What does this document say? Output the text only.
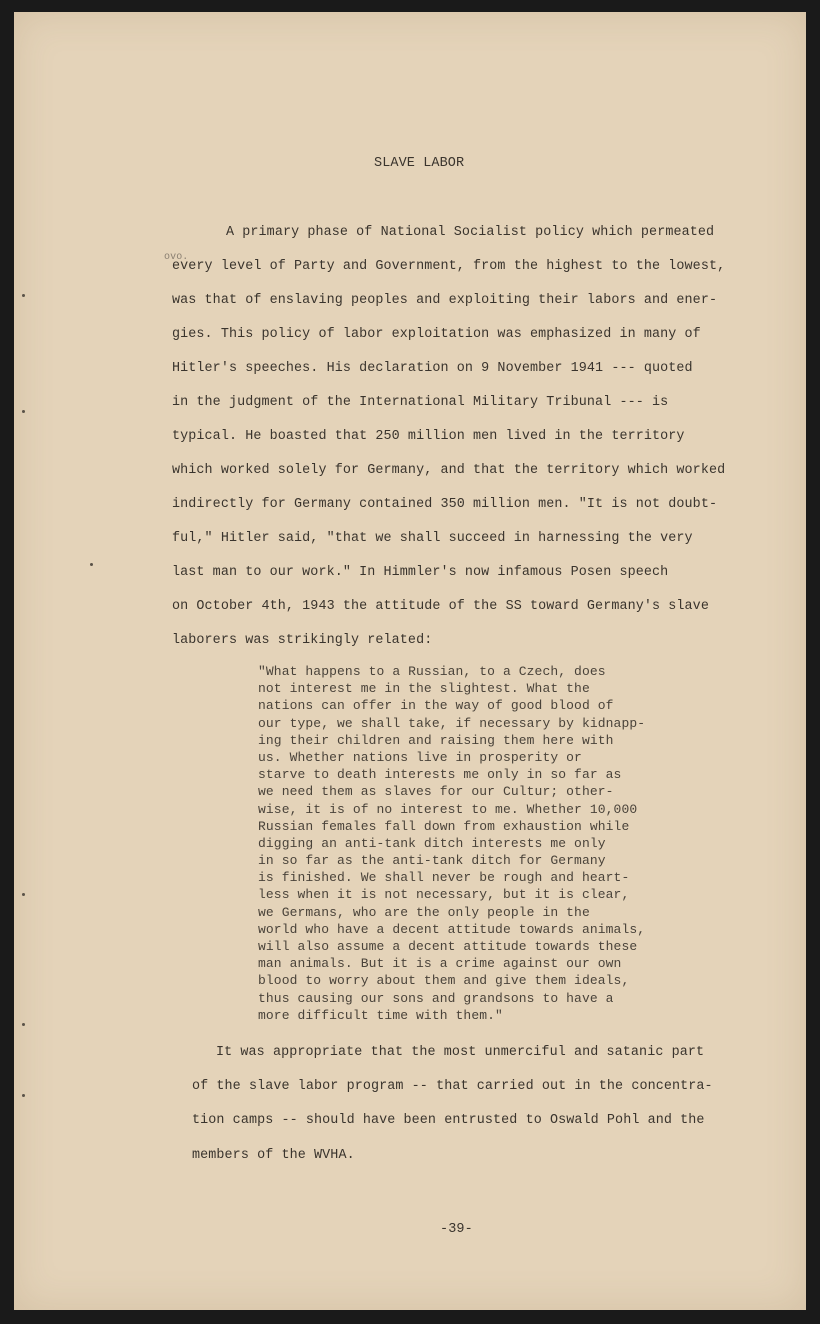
SLAVE LABOR
ovo.
A primary phase of National Socialist policy which permeated
every level of Party and Government, from the highest to the lowest,
was that of enslaving peoples and exploiting their labors and ener-
gies. This policy of labor exploitation was emphasized in many of
Hitler's speeches. His declaration on 9 November 1941 --- quoted
in the judgment of the International Military Tribunal --- is
typical. He boasted that 250 million men lived in the territory
which worked solely for Germany, and that the territory which worked
indirectly for Germany contained 350 million men. "It is not doubt-
ful," Hitler said, "that we shall succeed in harnessing the very
last man to our work." In Himmler's now infamous Posen speech
on October 4th, 1943 the attitude of the SS toward Germany's slave
laborers was strikingly related:
"What happens to a Russian, to a Czech, does
not interest me in the slightest. What the
nations can offer in the way of good blood of
our type, we shall take, if necessary by kidnapp-
ing their children and raising them here with
us. Whether nations live in prosperity or
starve to death interests me only in so far as
we need them as slaves for our Cultur; other-
wise, it is of no interest to me. Whether 10,000
Russian females fall down from exhaustion while
digging an anti-tank ditch interests me only
in so far as the anti-tank ditch for Germany
is finished. We shall never be rough and heart-
less when it is not necessary, but it is clear,
we Germans, who are the only people in the
world who have a decent attitude towards animals,
will also assume a decent attitude towards these
man animals. But it is a crime against our own
blood to worry about them and give them ideals,
thus causing our sons and grandsons to have a
more difficult time with them."
It was appropriate that the most unmerciful and satanic part
of the slave labor program -- that carried out in the concentra-
tion camps -- should have been entrusted to Oswald Pohl and the
members of the WVHA.
-39-
